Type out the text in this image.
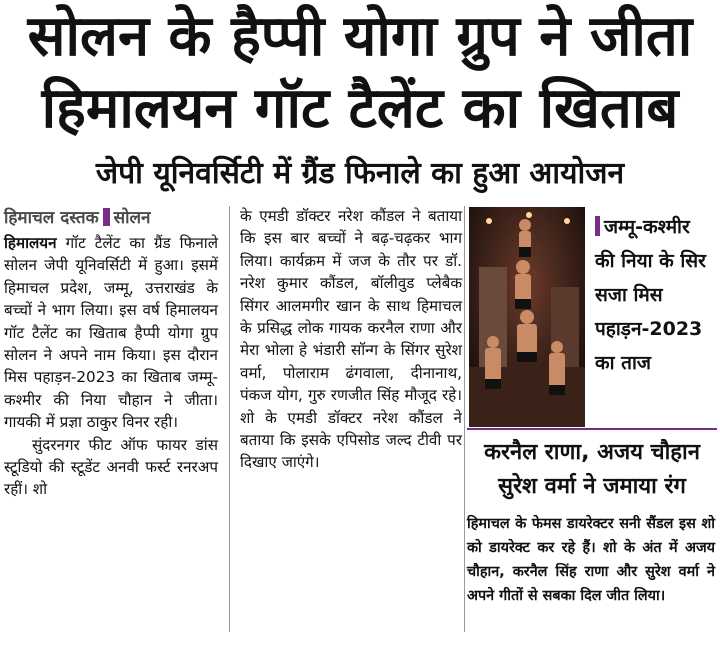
सोलन के हैप्पी योगा ग्रुप ने जीता
हिमालयन गॉट टैलेंट का खिताब
जेपी यूनिवर्सिटी में ग्रैंड फिनाले का हुआ आयोजन
हिमाचल दस्तक सोलन
हिमालयन गॉट टैलेंट का ग्रैंड फिनाले सोलन जेपी यूनिवर्सिटी में हुआ। इसमें हिमाचल प्रदेश, जम्मू, उत्तराखंड के बच्चों ने भाग लिया। इस वर्ष हिमालयन गॉट टैलेंट का खिताब हैप्पी योगा ग्रुप सोलन ने अपने नाम किया। इस दौरान मिस पहाड़न-2023 का खिताब जम्मू-कश्मीर की निया चौहान ने जीता। गायकी में प्रज्ञा ठाकुर विनर रही।
सुंदरनगर फीट ऑफ फायर डांस स्टूडियो की स्टूडेंट अनवी फर्स्ट रनरअप रहीं। शो
के एमडी डॉक्टर नरेश कौंडल ने बताया कि इस बार बच्चों ने बढ़-चढ़कर भाग लिया। कार्यक्रम में जज के तौर पर डॉ. नरेश कुमार कौंडल, बॉलीवुड प्लेबैक सिंगर आलमगीर खान के साथ हिमाचल के प्रसिद्ध लोक गायक करनैल राणा और मेरा भोला हे भंडारी सॉन्ग के सिंगर सुरेश वर्मा, पोलाराम ढंगवाला, दीनानाथ, पंकज योग, गुरु रणजीत सिंह मौजूद रहे। शो के एमडी डॉक्टर नरेश कौंडल ने बताया कि इसके एपिसोड जल्द टीवी पर दिखाए जाएंगे।
जम्मू-कश्मीर की निया के सिर सजा मिस पहाड़न-2023 का ताज
करनैल राणा, अजय चौहान
सुरेश वर्मा ने जमाया रंग
हिमाचल के फेमस डायरेक्टर सनी सैंडल इस शो को डायरेक्ट कर रहे हैं। शो के अंत में अजय चौहान, करनैल सिंह राणा और सुरेश वर्मा ने अपने गीतों से सबका दिल जीत लिया।
